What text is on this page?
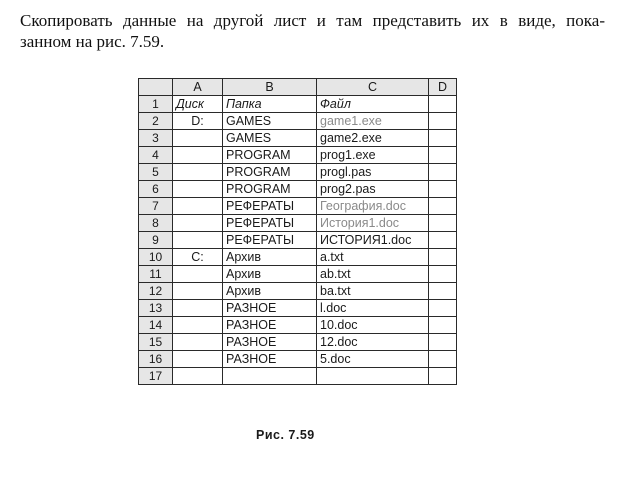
Скопировать данные на другой лист и там представить их в виде, пока-
занном на рис. 7.59.
	A	B	C	D
1	Диск	Папка	Файл	
2	D:	GAMES	game1.exe	
3		GAMES	game2.exe	
4		PROGRAM	prog1.exe	
5		PROGRAM	progl.pas	
6		PROGRAM	prog2.pas	
7		РЕФЕРАТЫ	География.doc	
8		РЕФЕРАТЫ	История1.doc	
9		РЕФЕРАТЫ	ИСТОРИЯ1.doc	
10	C:	Архив	a.txt	
11		Архив	ab.txt	
12		Архив	ba.txt	
13		РАЗНОЕ	l.doc	
14		РАЗНОЕ	10.doc	
15		РАЗНОЕ	12.doc	
16		РАЗНОЕ	5.doc	
17				
Рис. 7.59
